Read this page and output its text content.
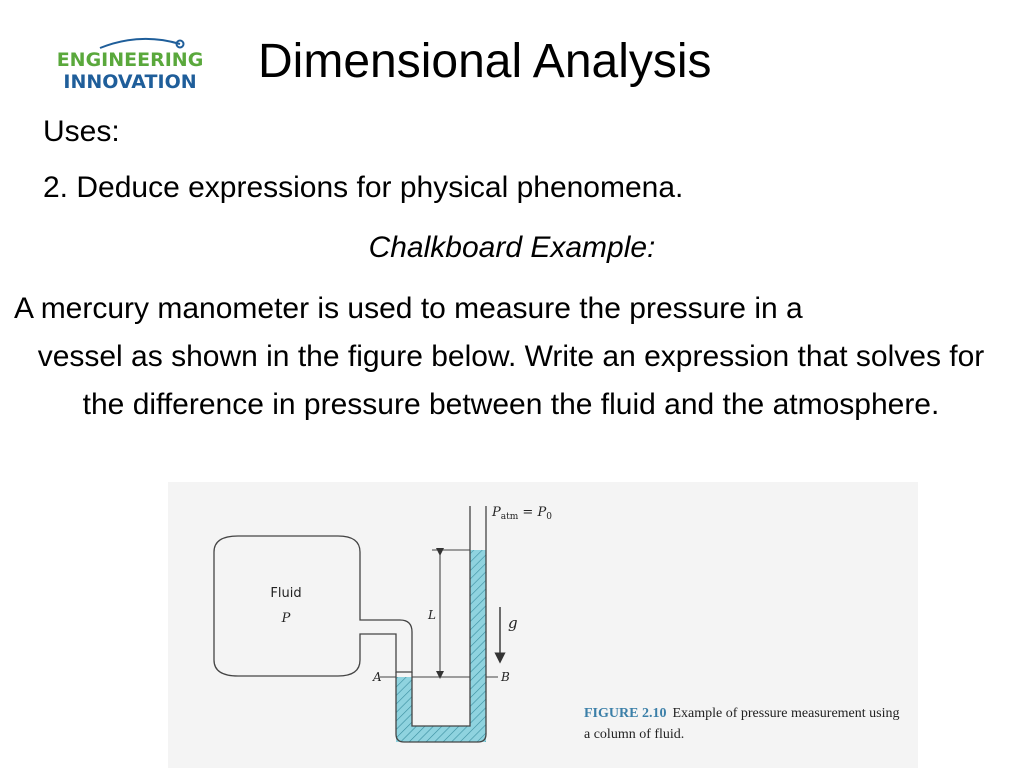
ENGINEERING
INNOVATION Dimensional Analysis
Uses:
2. Deduce expressions for physical phenomena.
Chalkboard Example:
A mercury manometer is used to measure the pressure in a
vessel as shown in the figure below. Write an expression that solves for the difference in pressure between the fluid and the atmosphere.
Fluid
P
A	B
L	g
$P_{atm} = P_0$
FIGURE 2.10 Example of pressure measurement using a column of fluid.
